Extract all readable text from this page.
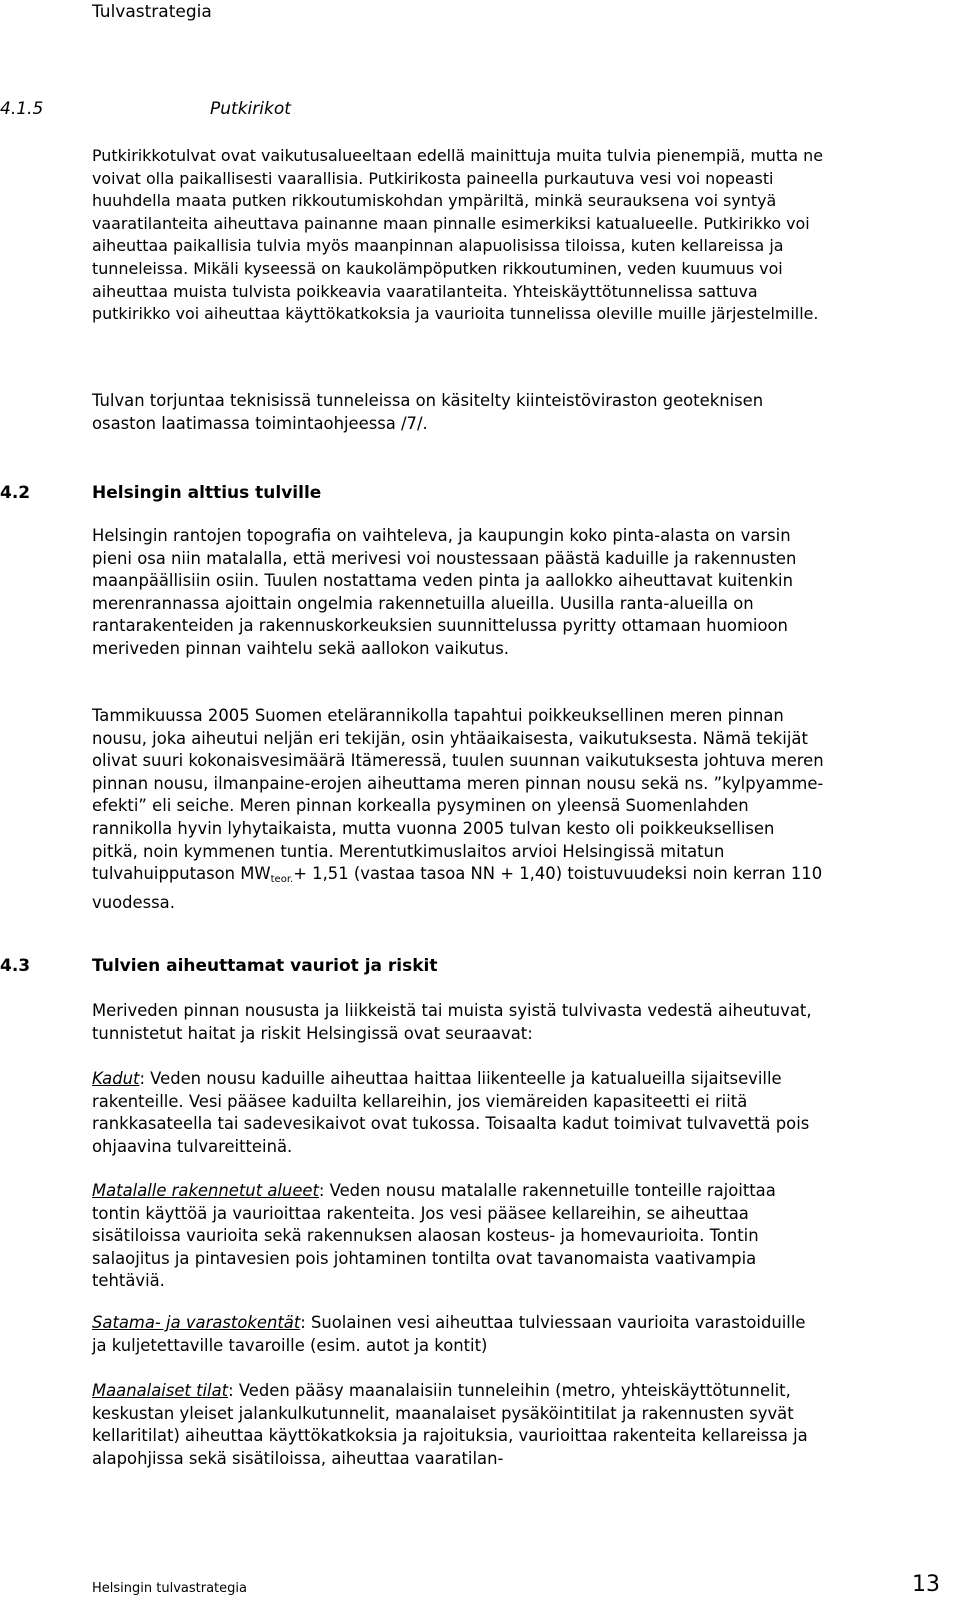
Tulvastrategia
4.1.5	Putkirikot

Putkirikkotulvat ovat vaikutusalueeltaan edellä mainittuja muita tulvia pienempiä, mutta ne voivat olla paikallisesti vaarallisia. Putkirikosta paineella purkautuva vesi voi nopeasti huuhdella maata putken rikkoutumiskohdan ympäriltä, minkä seurauksena voi syntyä vaaratilanteita aiheuttava painanne maan pinnalle esimerkiksi katualueelle. Putkirikko voi aiheuttaa paikallisia tulvia myös maanpinnan alapuolisissa tiloissa, kuten kellareissa ja tunneleissa. Mikäli kyseessä on kaukolämpöputken rikkoutuminen, veden kuumuus voi aiheuttaa muista tulvista poikkeavia vaaratilanteita. Yhteiskäyttötunnelissa sattuva putkirikko voi aiheuttaa käyttökatkoksia ja vaurioita tunnelissa oleville muille järjestelmille.

Tulvan torjuntaa teknisissä tunneleissa on käsitelty kiinteistöviraston geoteknisen osaston laatimassa toimintaohjeessa /7/.

4.2	Helsingin alttius tulville

Helsingin rantojen topografia on vaihteleva, ja kaupungin koko pinta-alasta on varsin pieni osa niin matalalla, että merivesi voi noustessaan päästä kaduille ja rakennusten maanpäällisiin osiin. Tuulen nostattama veden pinta ja aallokko aiheuttavat kuitenkin merenrannassa ajoittain ongelmia rakennetuilla alueilla. Uusilla ranta-alueilla on rantarakenteiden ja rakennuskorkeuksien suunnittelussa pyritty ottamaan huomioon meriveden pinnan vaihtelu sekä aallokon vaikutus.

Tammikuussa 2005 Suomen etelärannikolla tapahtui poikkeuksellinen meren pinnan nousu, joka aiheutui neljän eri tekijän, osin yhtäaikaisesta, vaikutuksesta. Nämä tekijät olivat suuri kokonaisvesimäärä Itämeressä, tuulen suunnan vaikutuksesta johtuva meren pinnan nousu, ilmanpaine-erojen aiheuttama meren pinnan nousu sekä ns. ”kylpyamme-efekti” eli seiche. Meren pinnan korkealla pysyminen on yleensä Suomenlahden rannikolla hyvin lyhytaikaista, mutta vuonna 2005 tulvan kesto oli poikkeuksellisen pitkä, noin kymmenen tuntia. Merentutkimuslaitos arvioi Helsingissä mitatun tulvahuipputason $MW_{teor.}+ 1,51$ (vastaa tasoa NN + 1,40) toistuvuudeksi noin kerran 110 vuodessa.

4.3	Tulvien aiheuttamat vauriot ja riskit

Meriveden pinnan noususta ja liikkeistä tai muista syistä tulvivasta vedestä aiheutuvat, tunnistetut haitat ja riskit Helsingissä ovat seuraavat:

Kadut: Veden nousu kaduille aiheuttaa haittaa liikenteelle ja katualueilla sijaitseville rakenteille. Vesi pääsee kaduilta kellareihin, jos viemäreiden kapasiteetti ei riitä rankkasateella tai sadevesikaivot ovat tukossa. Toisaalta kadut toimivat tulvavettä pois ohjaavina tulvareitteinä.

Matalalle rakennetut alueet: Veden nousu matalalle rakennetuille tonteille rajoittaa tontin käyttöä ja vaurioittaa rakenteita. Jos vesi pääsee kellareihin, se aiheuttaa sisätiloissa vaurioita sekä rakennuksen alaosan kosteus- ja homevaurioita. Tontin salaojitus ja pintavesien pois johtaminen tontilta ovat tavanomaista vaativampia tehtäviä.

Satama- ja varastokentät: Suolainen vesi aiheuttaa tulviessaan vaurioita varastoiduille ja kuljetettaville tavaroille (esim. autot ja kontit)

Maanalaiset tilat: Veden pääsy maanalaisiin tunneleihin (metro, yhteiskäyttötunnelit, keskustan yleiset jalankulkutunnelit, maanalaiset pysäköintitilat ja rakennusten syvät kellaritilat) aiheuttaa käyttökatkoksia ja rajoituksia, vaurioittaa rakenteita kellareissa ja alapohjissa sekä sisätiloissa, aiheuttaa vaaratilan-

Helsingin tulvastrategia	13
